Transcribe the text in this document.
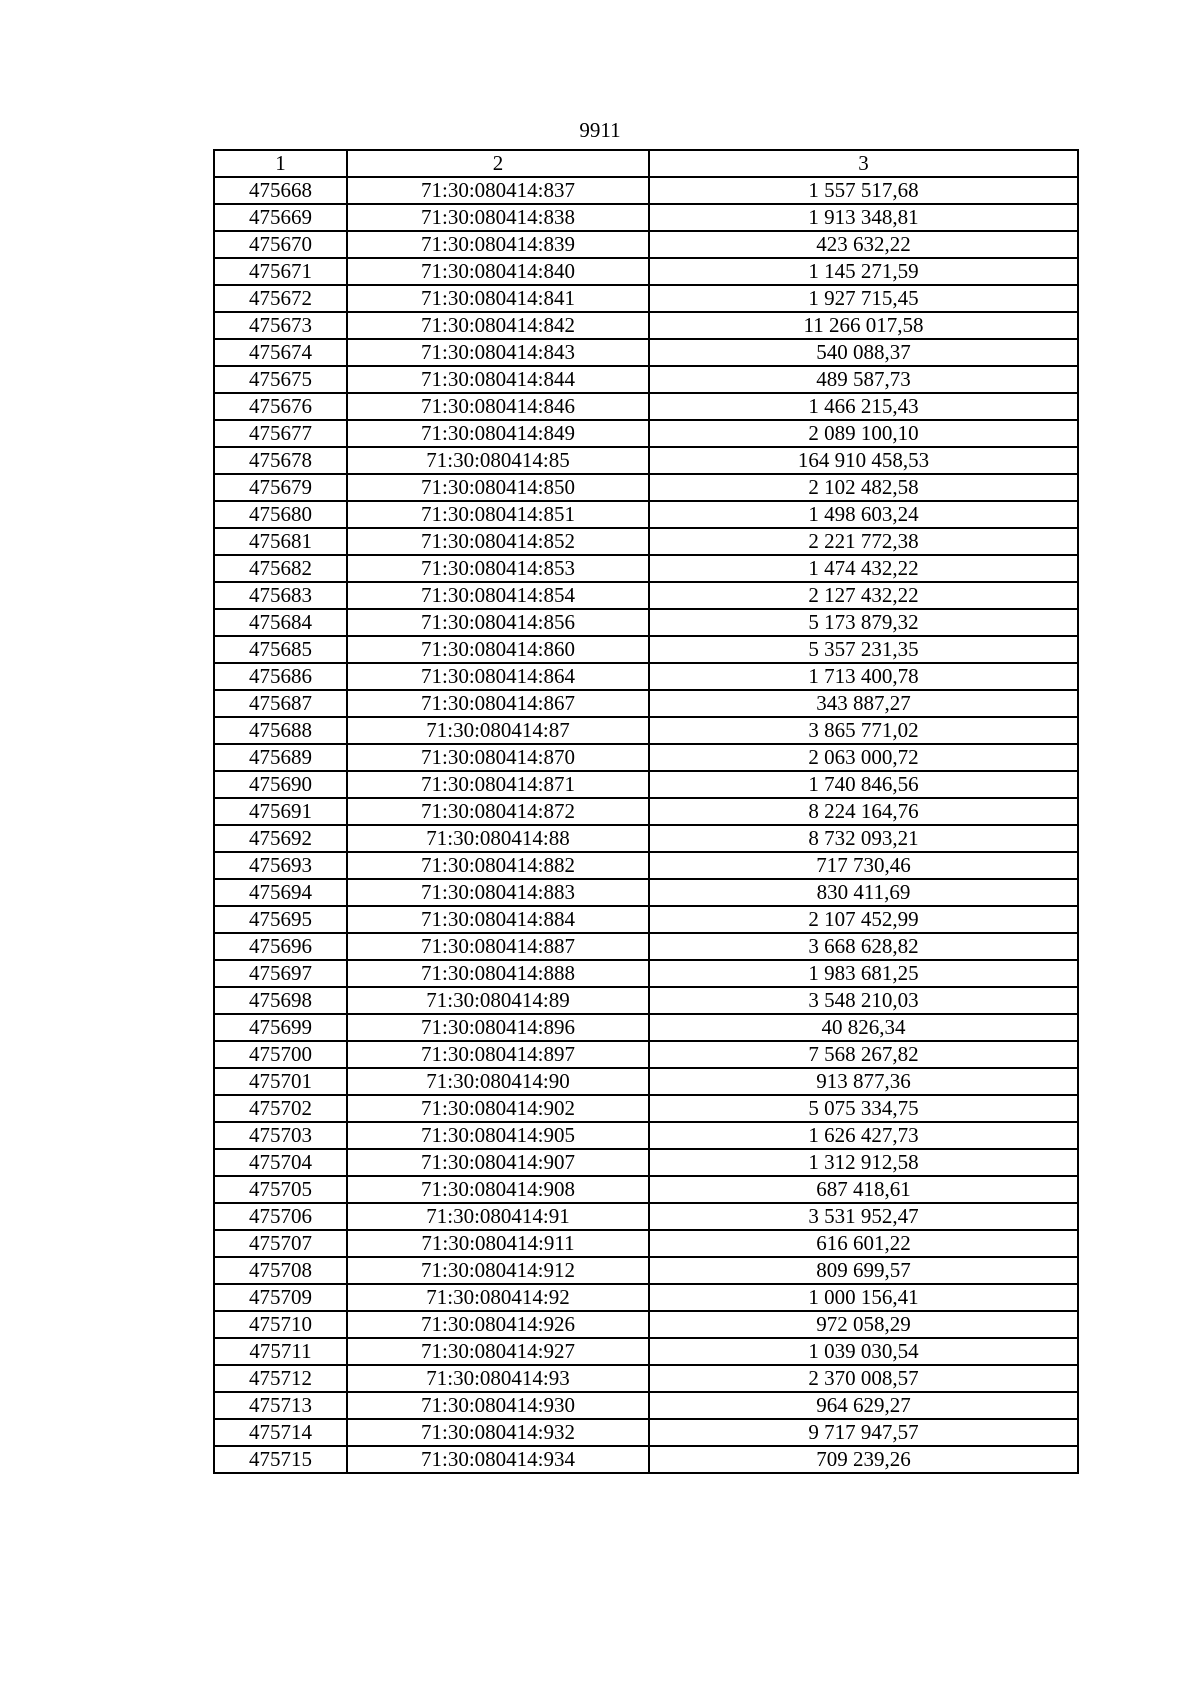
9911
1	2	3
475668	71:30:080414:837	1 557 517,68
475669	71:30:080414:838	1 913 348,81
475670	71:30:080414:839	423 632,22
475671	71:30:080414:840	1 145 271,59
475672	71:30:080414:841	1 927 715,45
475673	71:30:080414:842	11 266 017,58
475674	71:30:080414:843	540 088,37
475675	71:30:080414:844	489 587,73
475676	71:30:080414:846	1 466 215,43
475677	71:30:080414:849	2 089 100,10
475678	71:30:080414:85	164 910 458,53
475679	71:30:080414:850	2 102 482,58
475680	71:30:080414:851	1 498 603,24
475681	71:30:080414:852	2 221 772,38
475682	71:30:080414:853	1 474 432,22
475683	71:30:080414:854	2 127 432,22
475684	71:30:080414:856	5 173 879,32
475685	71:30:080414:860	5 357 231,35
475686	71:30:080414:864	1 713 400,78
475687	71:30:080414:867	343 887,27
475688	71:30:080414:87	3 865 771,02
475689	71:30:080414:870	2 063 000,72
475690	71:30:080414:871	1 740 846,56
475691	71:30:080414:872	8 224 164,76
475692	71:30:080414:88	8 732 093,21
475693	71:30:080414:882	717 730,46
475694	71:30:080414:883	830 411,69
475695	71:30:080414:884	2 107 452,99
475696	71:30:080414:887	3 668 628,82
475697	71:30:080414:888	1 983 681,25
475698	71:30:080414:89	3 548 210,03
475699	71:30:080414:896	40 826,34
475700	71:30:080414:897	7 568 267,82
475701	71:30:080414:90	913 877,36
475702	71:30:080414:902	5 075 334,75
475703	71:30:080414:905	1 626 427,73
475704	71:30:080414:907	1 312 912,58
475705	71:30:080414:908	687 418,61
475706	71:30:080414:91	3 531 952,47
475707	71:30:080414:911	616 601,22
475708	71:30:080414:912	809 699,57
475709	71:30:080414:92	1 000 156,41
475710	71:30:080414:926	972 058,29
475711	71:30:080414:927	1 039 030,54
475712	71:30:080414:93	2 370 008,57
475713	71:30:080414:930	964 629,27
475714	71:30:080414:932	9 717 947,57
475715	71:30:080414:934	709 239,26
